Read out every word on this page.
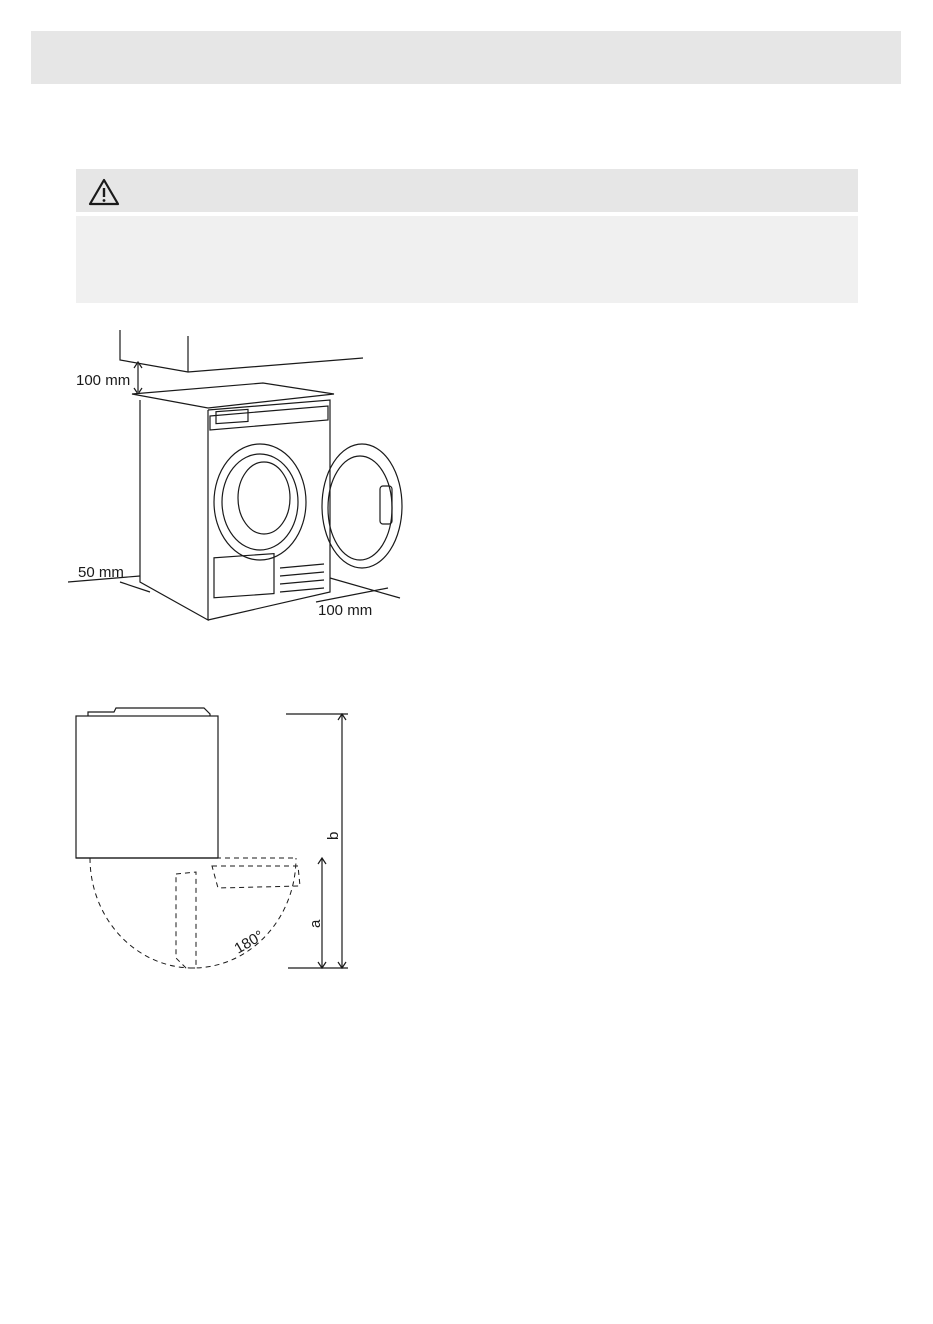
100 mm
50 mm
100 mm
180°
a
b
